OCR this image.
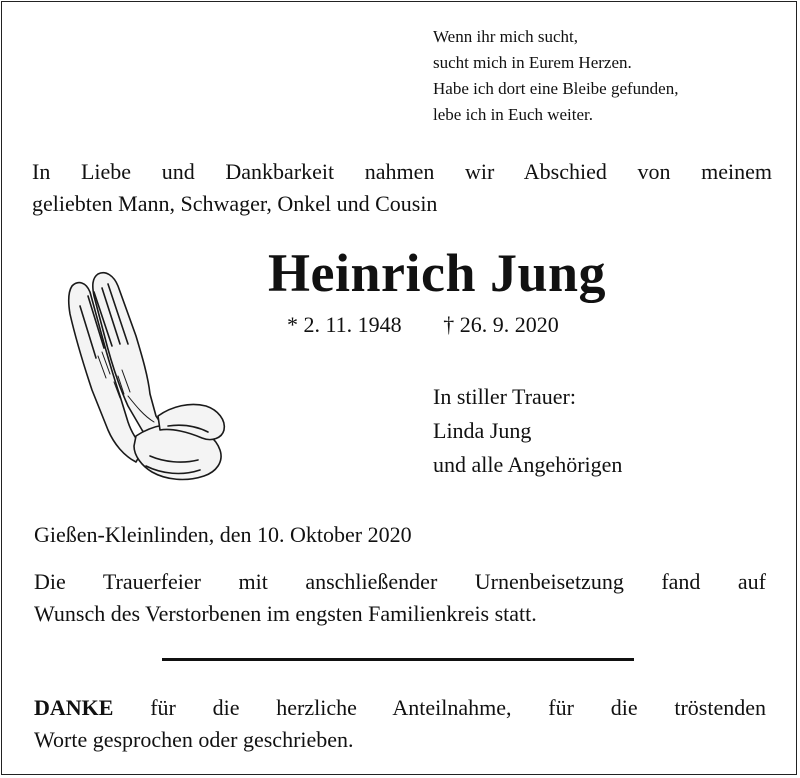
Wenn ihr mich sucht,
sucht mich in Eurem Herzen.
Habe ich dort eine Bleibe gefunden,
lebe ich in Euch weiter.
In Liebe und Dankbarkeit nahmen wir Abschied von meinem
geliebten Mann, Schwager, Onkel und Cousin
Heinrich Jung
* 2. 11. 1948 † 26. 9. 2020
In stiller Trauer:
Linda Jung
und alle Angehörigen
Gießen-Kleinlinden, den 10. Oktober 2020
Die Trauerfeier mit anschließender Urnenbeisetzung fand auf
Wunsch des Verstorbenen im engsten Familienkreis statt.
DANKE für die herzliche Anteilnahme, für die tröstenden
Worte gesprochen oder geschrieben.
